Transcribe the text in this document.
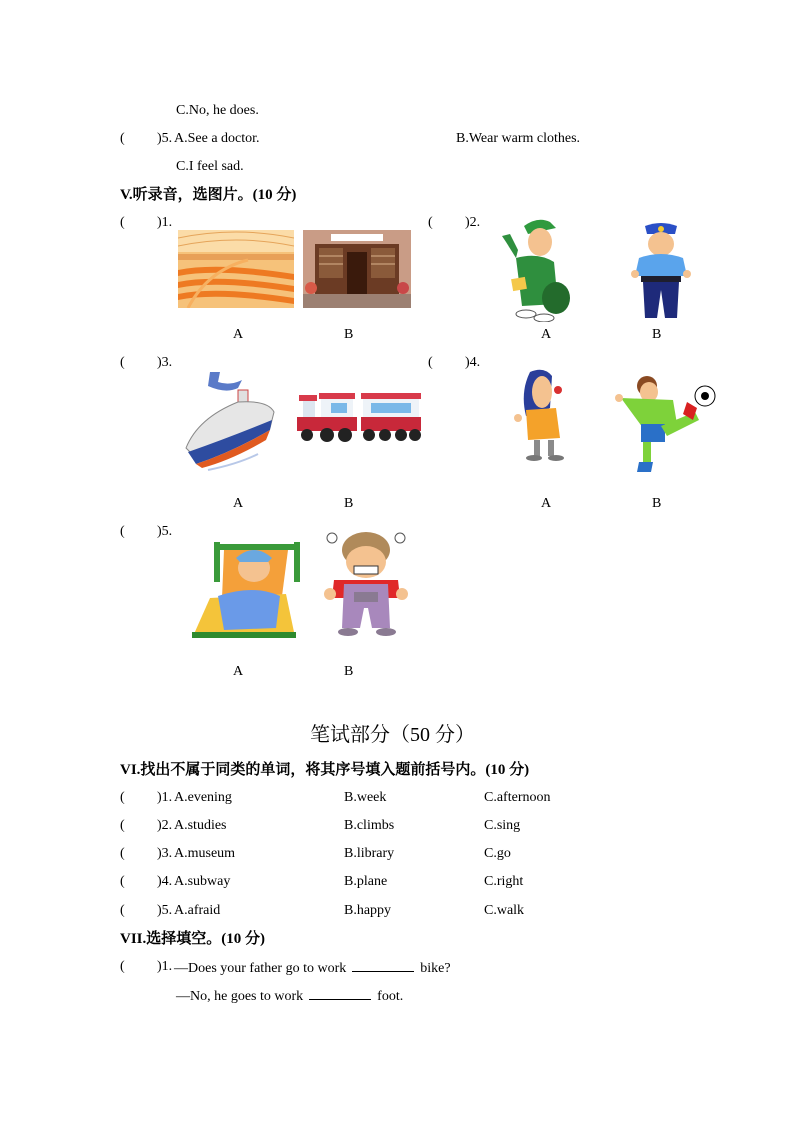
C.No, he does.
( )5. A.See a doctor.	B.Wear warm clothes.
C.I feel sad.
V.听录音，选图片。(10 分)
( )1.
A	B
( )2.
A	B
( )3.
A	B
( )4.
A	B
( )5.
A	B
笔试部分（50 分）
VI.找出不属于同类的单词，将其序号填入题前括号内。(10 分)
( )1. A.evening	B.week	C.afternoon
( )2. A.studies	B.climbs	C.sing
( )3. A.museum	B.library	C.go
( )4. A.subway	B.plane	C.right
( )5. A.afraid	B.happy	C.walk
VII.选择填空。(10 分)
( )1. —Does your father go to work	bike?
—No, he goes to work	foot.
